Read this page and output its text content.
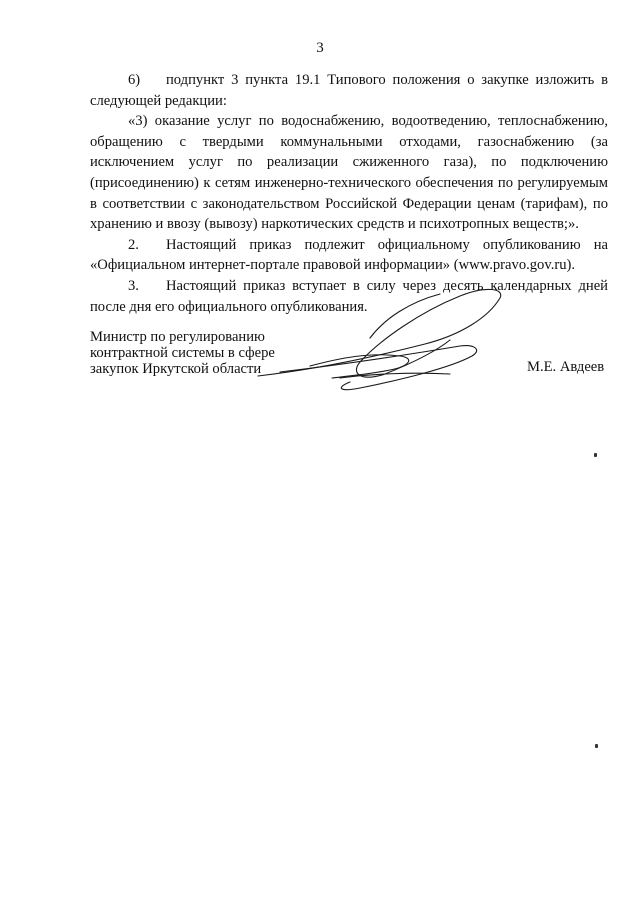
3

6) подпункт 3 пункта 19.1 Типового положения о закупке изложить в следующей редакции:

«3) оказание услуг по водоснабжению, водоотведению, теплоснабжению, обращению с твердыми коммунальными отходами, газоснабжению (за исключением услуг по реализации сжиженного газа), по подключению (присоединению) к сетям инженерно-технического обеспечения по регулируемым в соответствии с законодательством Российской Федерации ценам (тарифам), по хранению и ввозу (вывозу) наркотических средств и психотропных веществ;».

2. Настоящий приказ подлежит официальному опубликованию на «Официальном интернет-портале правовой информации» (www.pravo.gov.ru).

3. Настоящий приказ вступает в силу через десять календарных дней после дня его официального опубликования.

Министр по регулированию
контрактной системы в сфере
закупок Иркутской области	М.Е. Авдеев
